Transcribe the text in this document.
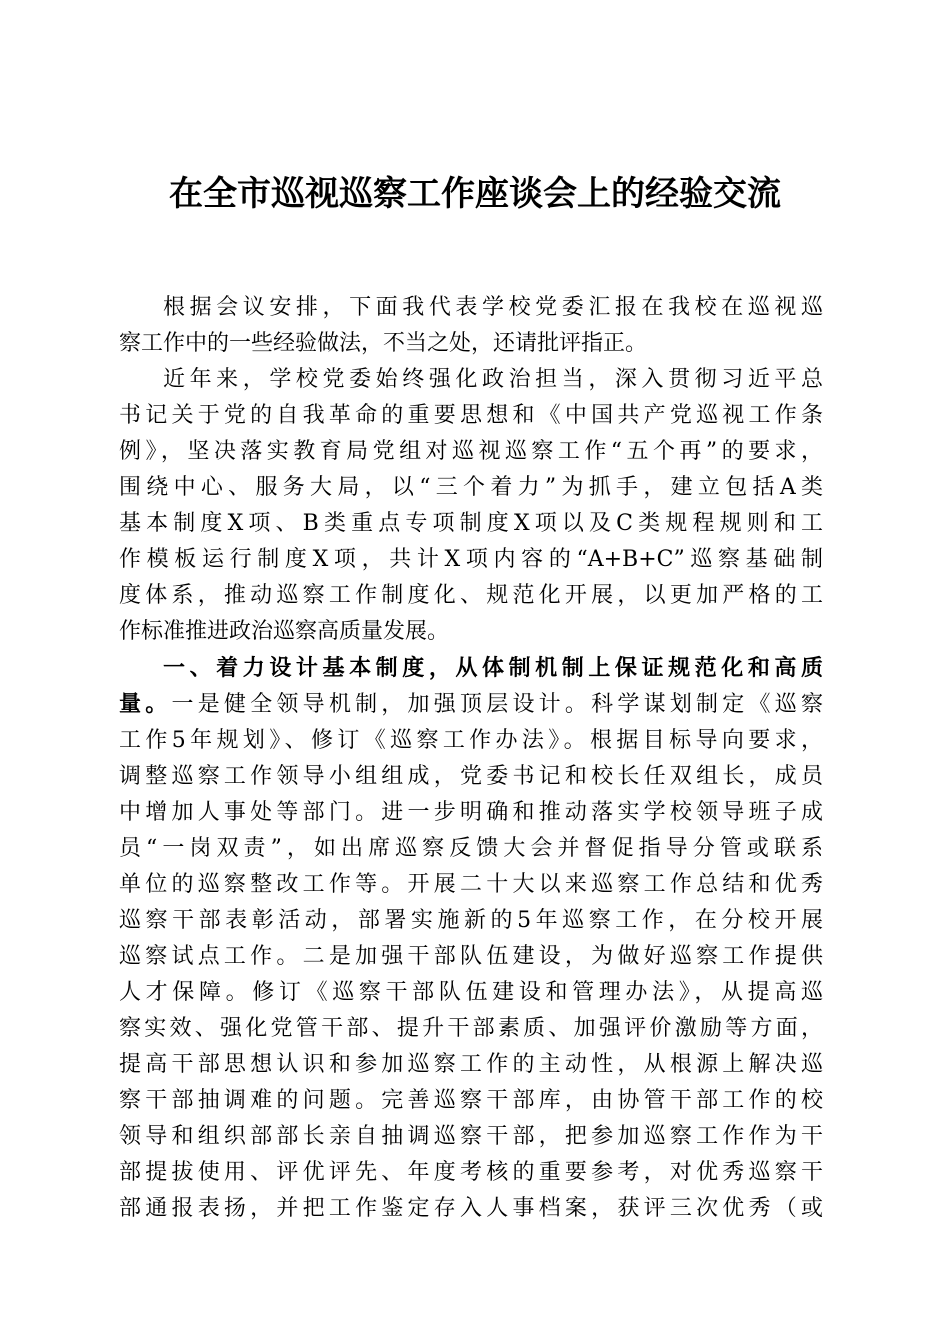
在全市巡视巡察工作座谈会上的经验交流

根据会议安排，下面我代表学校党委汇报在我校在巡视巡

察工作中的一些经验做法，不当之处，还请批评指正。

近年来，学校党委始终强化政治担当，深入贯彻习近平总

书记关于党的自我革命的重要思想和《中国共产党巡视工作条

例》，坚决落实教育局党组对巡视巡察工作“五个再”的要求，

围绕中心、服务大局，以“三个着力”为抓手，建立包括A类

基本制度X项、B类重点专项制度X项以及C类规程规则和工

作模板运行制度X项，共计X项内容的“A+B+C”巡察基础制

度体系，推动巡察工作制度化、规范化开展，以更加严格的工

作标准推进政治巡察高质量发展。

一、着力设计基本制度，从体制机制上保证规范化和高质

量。一是健全领导机制，加强顶层设计。科学谋划制定《巡察

工作5年规划》、修订《巡察工作办法》。根据目标导向要求，

调整巡察工作领导小组组成，党委书记和校长任双组长，成员

中增加人事处等部门。进一步明确和推动落实学校领导班子成

员“一岗双责”，如出席巡察反馈大会并督促指导分管或联系

单位的巡察整改工作等。开展二十大以来巡察工作总结和优秀

巡察干部表彰活动，部署实施新的5年巡察工作，在分校开展

巡察试点工作。二是加强干部队伍建设，为做好巡察工作提供

人才保障。修订《巡察干部队伍建设和管理办法》，从提高巡

察实效、强化党管干部、提升干部素质、加强评价激励等方面，

提高干部思想认识和参加巡察工作的主动性，从根源上解决巡

察干部抽调难的问题。完善巡察干部库，由协管干部工作的校

领导和组织部部长亲自抽调巡察干部，把参加巡察工作作为干

部提拔使用、评优评先、年度考核的重要参考，对优秀巡察干

部通报表扬，并把工作鉴定存入人事档案，获评三次优秀（或
